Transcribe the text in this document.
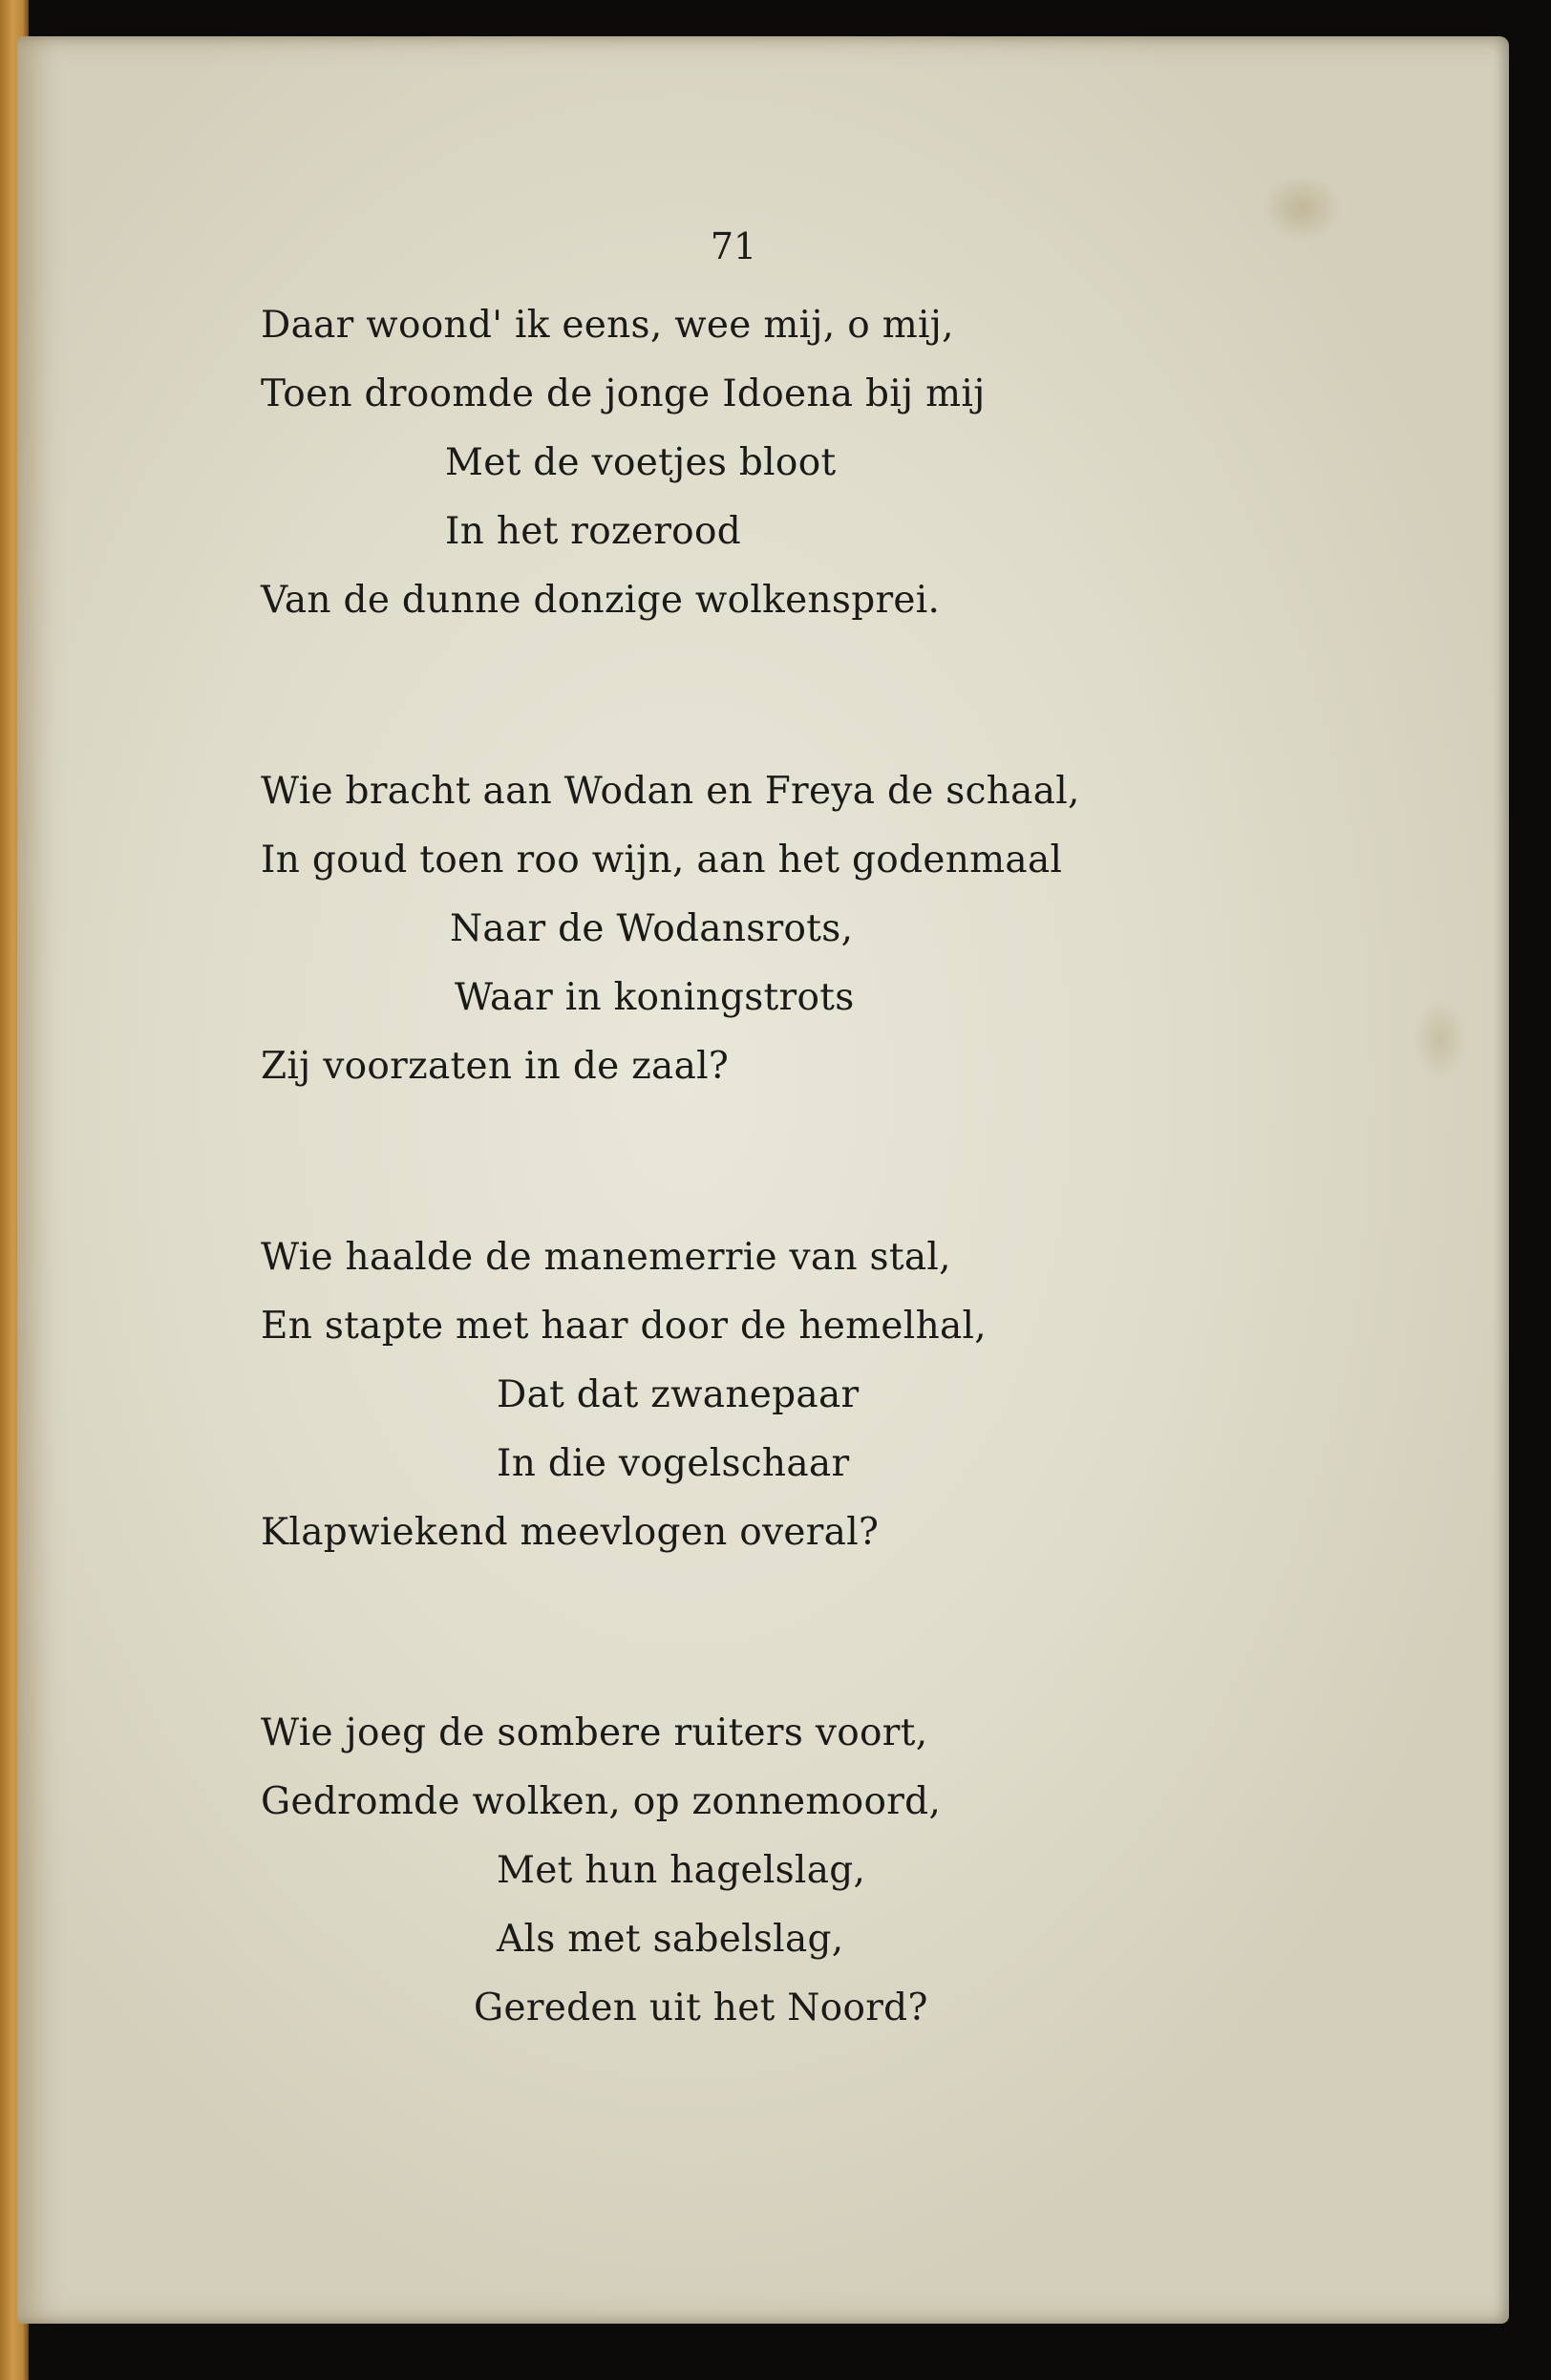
71
Daar woond' ik eens, wee mij, o mij,
Toen droomde de jonge Idoena bij mij
Met de voetjes bloot
In het rozerood
Van de dunne donzige wolkensprei.
Wie bracht aan Wodan en Freya de schaal,
In goud toen roo wijn, aan het godenmaal
Naar de Wodansrots,
Waar in koningstrots
Zij voorzaten in de zaal?
Wie haalde de manemerrie van stal,
En stapte met haar door de hemelhal,
Dat dat zwanepaar
In die vogelschaar
Klapwiekend meevlogen overal?
Wie joeg de sombere ruiters voort,
Gedromde wolken, op zonnemoord,
Met hun hagelslag,
Als met sabelslag,
Gereden uit het Noord?
